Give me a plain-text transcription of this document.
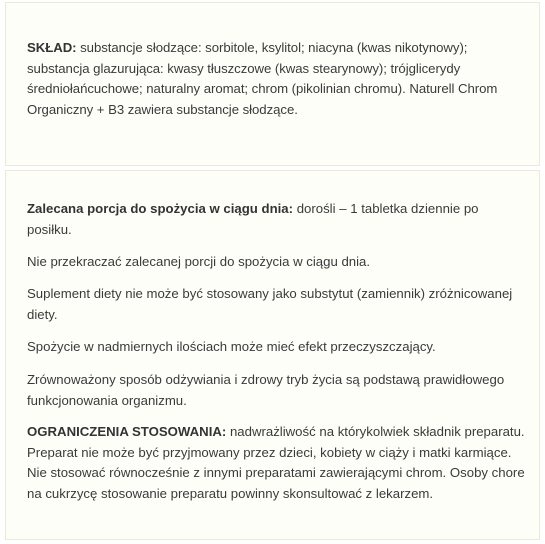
SKŁAD: substancje słodzące: sorbitole, ksylitol; niacyna (kwas nikotynowy); substancja glazurująca: kwasy tłuszczowe (kwas stearynowy); trójglicerydy średniołańcuchowe; naturalny aromat; chrom (pikolinian chromu). Naturell Chrom Organiczny + B3 zawiera substancje słodzące.

Zalecana porcja do spożycia w ciągu dnia: dorośli – 1 tabletka dziennie po posiłku.

Nie przekraczać zalecanej porcji do spożycia w ciągu dnia.
Suplement diety nie może być stosowany jako substytut (zamiennik) zróżnicowanej diety.
Spożycie w nadmiernych ilościach może mieć efekt przeczyszczający.
Zrównoważony sposób odżywiania i zdrowy tryb życia są podstawą prawidłowego funkcjonowania organizmu.

OGRANICZENIA STOSOWANIA: nadwrażliwość na którykolwiek składnik preparatu. Preparat nie może być przyjmowany przez dzieci, kobiety w ciąży i matki karmiące. Nie stosować równocześnie z innymi preparatami zawierającymi chrom. Osoby chore na cukrzycę stosowanie preparatu powinny skonsultować z lekarzem.
